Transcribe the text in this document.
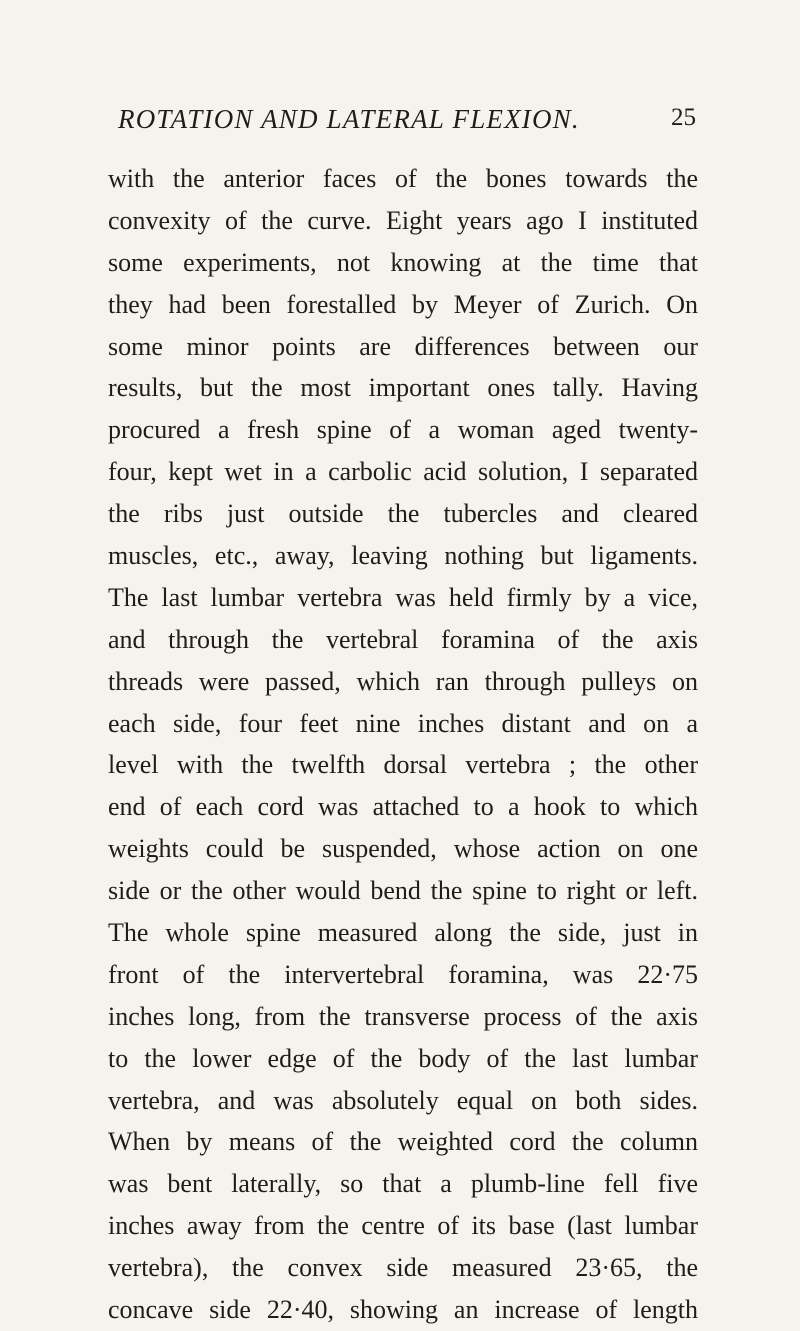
ROTATION AND LATERAL FLEXION.	25
with the anterior faces of the bones towards the
convexity of the curve. Eight years ago I instituted
some experiments, not knowing at the time that
they had been forestalled by Meyer of Zurich. On
some minor points are differences between our
results, but the most important ones tally. Having
procured a fresh spine of a woman aged twenty-
four, kept wet in a carbolic acid solution, I separated
the ribs just outside the tubercles and cleared
muscles, etc., away, leaving nothing but ligaments.
The last lumbar vertebra was held firmly by a vice,
and through the vertebral foramina of the axis
threads were passed, which ran through pulleys on
each side, four feet nine inches distant and on a
level with the twelfth dorsal vertebra ; the other
end of each cord was attached to a hook to which
weights could be suspended, whose action on one
side or the other would bend the spine to right or left.
The whole spine measured along the side, just in
front of the intervertebral foramina, was 22·75
inches long, from the transverse process of the axis
to the lower edge of the body of the last lumbar
vertebra, and was absolutely equal on both sides.
When by means of the weighted cord the column
was bent laterally, so that a plumb-line fell five
inches away from the centre of its base (last lumbar
vertebra), the convex side measured 23·65, the
concave side 22·40, showing an increase of length
